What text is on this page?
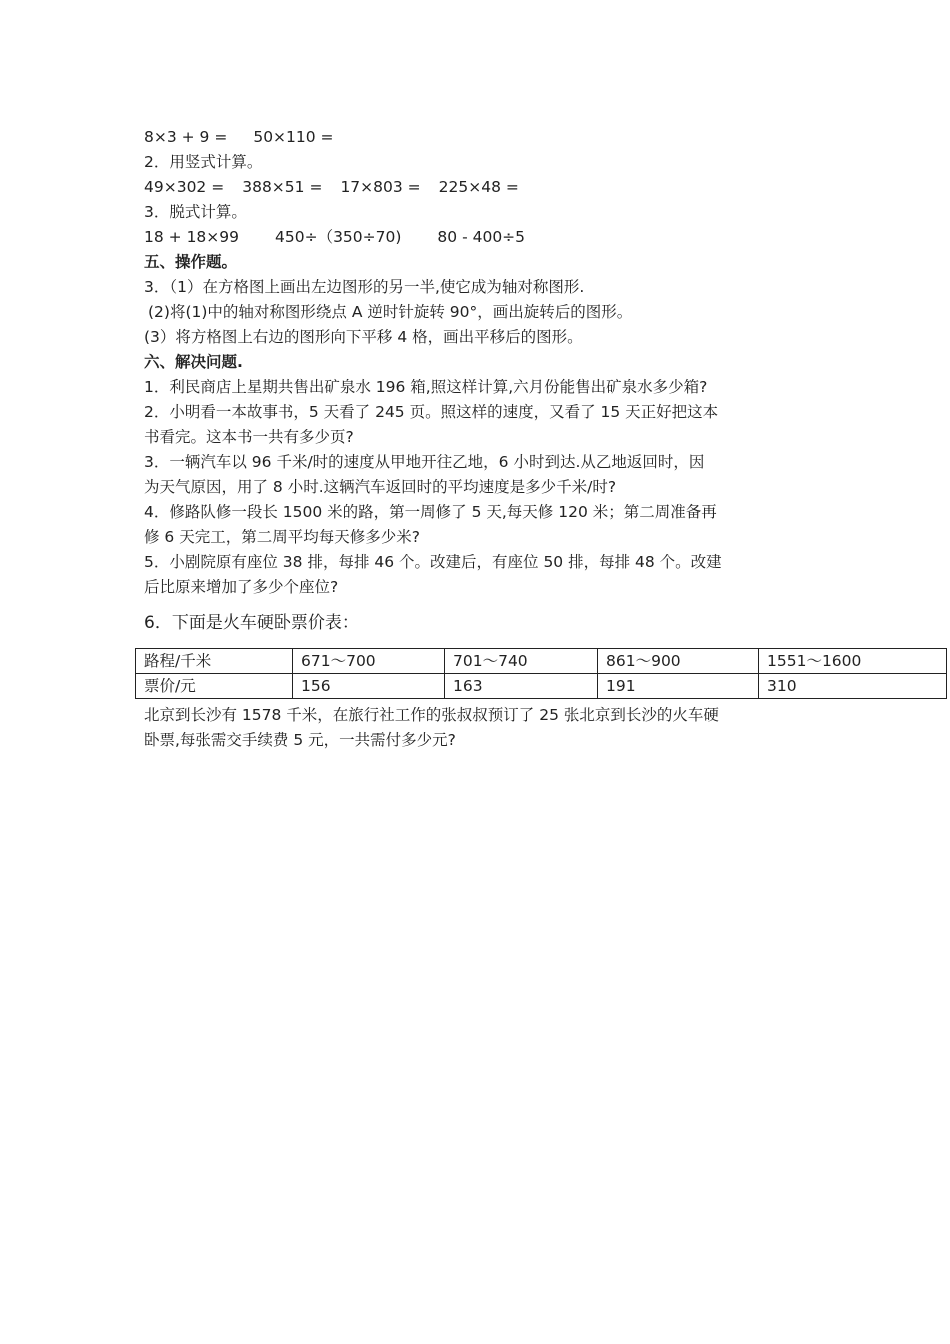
8×3 + 9 = 50×110 =
2．用竖式计算。
49×302 = 388×51 = 17×803 = 225×48 =
3．脱式计算。
18 + 18×99 450÷（350÷70) 80 - 400÷5
五、操作题。
3．（1）在方格图上画出左边图形的另一半,使它成为轴对称图形.
(2)将(1)中的轴对称图形绕点 A 逆时针旋转 90°，画出旋转后的图形。
(3）将方格图上右边的图形向下平移 4 格，画出平移后的图形。
六、解决问题.
1．利民商店上星期共售出矿泉水 196 箱,照这样计算,六月份能售出矿泉水多少箱?
2．小明看一本故事书，5 天看了 245 页。照这样的速度，又看了 15 天正好把这本
书看完。这本书一共有多少页?
3．一辆汽车以 96 千米/时的速度从甲地开往乙地，6 小时到达.从乙地返回时，因
为天气原因，用了 8 小时.这辆汽车返回时的平均速度是多少千米/时?
4．修路队修一段长 1500 米的路，第一周修了 5 天,每天修 120 米；第二周准备再
修 6 天完工，第二周平均每天修多少米?
5．小剧院原有座位 38 排，每排 46 个。改建后，有座位 50 排，每排 48 个。改建
后比原来增加了多少个座位?
6．下面是火车硬卧票价表：
路程/千米	671～700	701～740	861～900	1551～1600
票价/元	156	163	191	310
北京到长沙有 1578 千米，在旅行社工作的张叔叔预订了 25 张北京到长沙的火车硬
卧票,每张需交手续费 5 元，一共需付多少元?
